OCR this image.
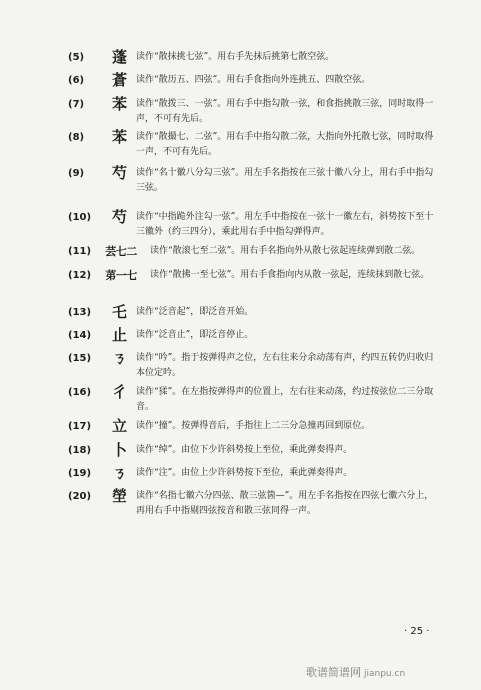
(5)	蓬	读作“散抹挑七弦”。用右手先抹后挑第七散空弦。
(6)	蒼	读作“散历五、四弦”。用右手食指向外连挑五、四散空弦。
(7)	苯	读作“散拨三、一弦”。用右手中指勾散一弦，和食指挑散三弦，同时取得一声，不可有先后。
(8)	苯	读作“散撮七、二弦”。用右手中指勾散二弦，大指向外托散七弦，同时取得一声，不可有先后。
(9)	芍	读作“名十徽八分勾三弦”。用左手名指按在三弦十徽八分上，用右手中指勾三弦。
(10)	芍	读作“中指跪外注勾一弦”。用左手中指按在一弦十一徽左右，斜势按下至十三徽外（约三四分），乘此用右手中指勾弹得声。
(11)	芸七二	读作“散滚七至二弦”。用右手名指向外从散七弦起连续弹到散二弦。
(12)	苐一七	读作“散拂一至七弦”。用右手食指向内从散一弦起，连续抹到散七弦。
(13)	乇	读作“泛音起”，即泛音开始。
(14)	止	读作“泛音止”，即泛音停止。
(15)	ㄋ	读作“吟”。指于按弹得声之位，左右往来分余动荡有声，约四五转仍归收归本位定吟。
(16)	彳	读作“猱”。在左指按弹得声的位置上，左右往来动荡，约过按弦位二三分取音。
(17)	立	读作“撞”。按弹得音后，手指往上二三分急撞再回到原位。
(18)	卜	读作“绰”。由位下少许斜势按上至位，乘此弹奏得声。
(19)	ㄋ	读作“注”。由位上少许斜势按下至位，乘此弹奏得声。
(20)	塋	读作“名指七徽六分四弦、散三弦箇—”。用左手名指按在四弦七徽六分上，再用右手中指剔四弦按音和散三弦同得一声。
· 25 ·
歌谱简谱网 jianpu.cn
